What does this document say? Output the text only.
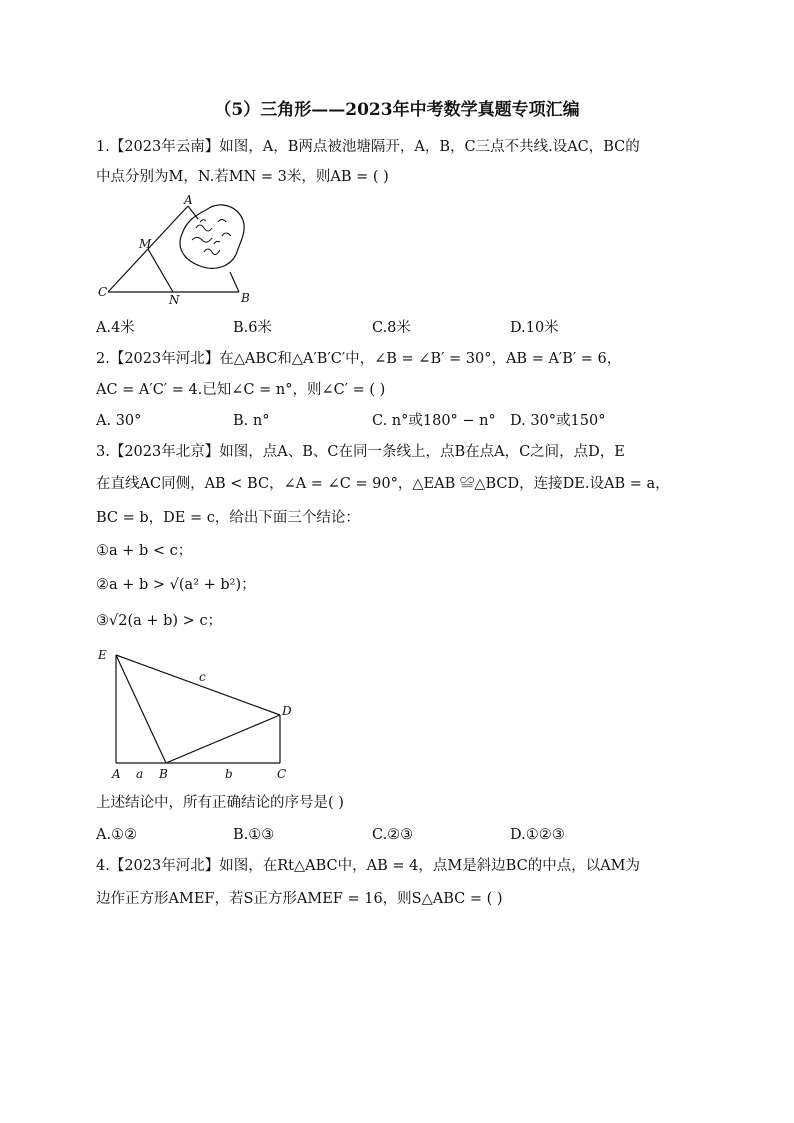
（5）三角形——2023年中考数学真题专项汇编
1.【2023年云南】如图，A，B两点被池塘隔开，A，B，C三点不共线.设AC，BC的
中点分别为M，N.若MN = 3米，则AB = ( )
A
M
C
N	B
A.4米	B.6米	C.8米	D.10米
2.【2023年河北】在△ABC和△A′B′C′中，∠B = ∠B′ = 30°，AB = A′B′ = 6，
AC = A′C′ = 4.已知∠C = n°，则∠C′ = ( )
A. 30°	B. n°	C. n°或180° − n° D. 30°或150°
3.【2023年北京】如图，点A、B、C在同一条线上，点B在点A，C之间，点D，E
在直线AC同侧，AB < BC，∠A = ∠C = 90°，△EAB ≌△BCD，连接DE.设AB = a，
BC = b，DE = c，给出下面三个结论：
①a + b < c；
②a + b > √(a² + b²)；
③√2(a + b) > c；
E
c
D
A a B	b	C
上述结论中，所有正确结论的序号是( )
A.①②	B.①③	C.②③	D.①②③
4.【2023年河北】如图，在Rt△ABC中，AB = 4，点M是斜边BC的中点，以AM为
边作正方形AMEF，若S正方形AMEF = 16，则S△ABC = ( )
